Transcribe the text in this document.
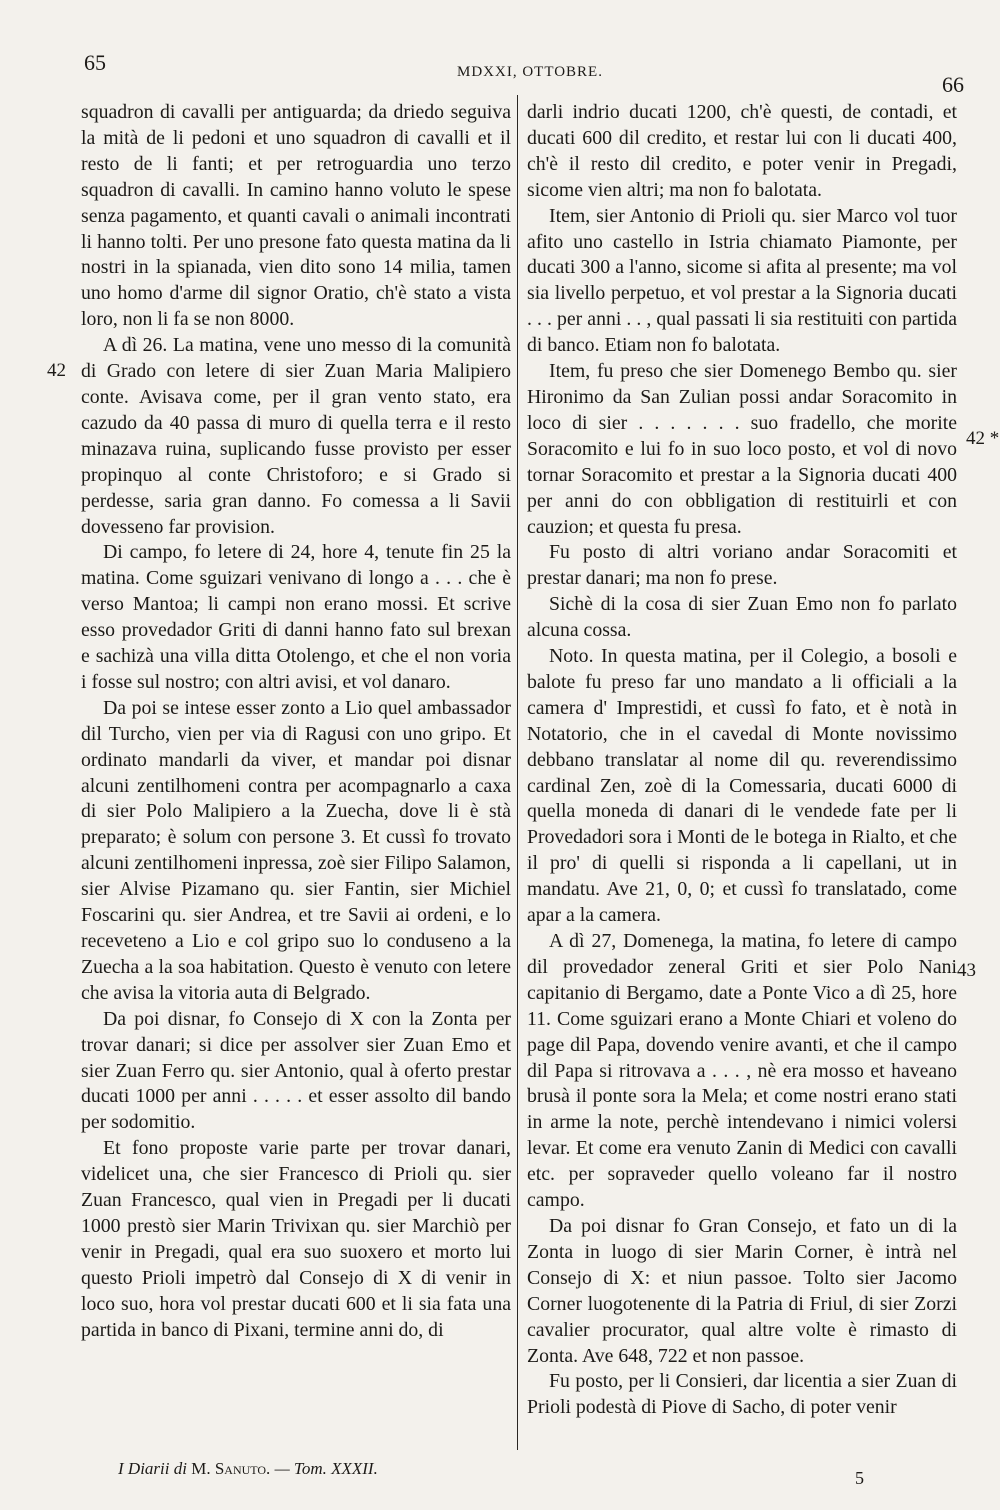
65	MDXXI, OTTOBRE.	66
42
42 *
43

squadron di cavalli per antiguarda; da driedo seguiva la mità de li pedoni et uno squadron di cavalli et il resto de li fanti; et per retroguardia uno terzo squadron di cavalli. In camino hanno voluto le spese senza pagamento, et quanti cavali o animali incontrati li hanno tolti. Per uno presone fato questa matina da li nostri in la spianada, vien dito sono 14 milia, tamen uno homo d'arme dil signor Oratio, ch'è stato a vista loro, non li fa se non 8000.

A dì 26. La matina, vene uno messo di la comunità di Grado con letere di sier Zuan Maria Malipiero conte. Avisava come, per il gran vento stato, era cazudo da 40 passa di muro di quella terra e il resto minazava ruina, suplicando fusse provisto per esser propinquo al conte Christoforo; e si Grado si perdesse, saria gran danno. Fo comessa a li Savii dovesseno far provision.

Di campo, fo letere di 24, hore 4, tenute fin 25 la matina. Come sguizari venivano di longo a . . . che è verso Mantoa; li campi non erano mossi. Et scrive esso provedador Griti di danni hanno fato sul brexan e sachizà una villa ditta Otolengo, et che el non voria i fosse sul nostro; con altri avisi, et vol danaro.

Da poi se intese esser zonto a Lio quel ambassador dil Turcho, vien per via di Ragusi con uno gripo. Et ordinato mandarli da viver, et mandar poi disnar alcuni zentilhomeni contra per acompagnarlo a caxa di sier Polo Malipiero a la Zuecha, dove li è stà preparato; è solum con persone 3. Et cussì fo trovato alcuni zentilhomeni inpressa, zoè sier Filipo Salamon, sier Alvise Pizamano qu. sier Fantin, sier Michiel Foscarini qu. sier Andrea, et tre Savii ai ordeni, e lo receveteno a Lio e col gripo suo lo conduseno a la Zuecha a la soa habitation. Questo è venuto con letere che avisa la vitoria auta di Belgrado.

Da poi disnar, fo Consejo di X con la Zonta per trovar danari; si dice per assolver sier Zuan Emo et sier Zuan Ferro qu. sier Antonio, qual à oferto prestar ducati 1000 per anni . . . . . et esser assolto dil bando per sodomitio.

Et fono proposte varie parte per trovar danari, videlicet una, che sier Francesco di Prioli qu. sier Zuan Francesco, qual vien in Pregadi per li ducati 1000 prestò sier Marin Trivixan qu. sier Marchiò per venir in Pregadi, qual era suo suoxero et morto lui questo Prioli impetrò dal Consejo di X di venir in loco suo, hora vol prestar ducati 600 et li sia fata una partida in banco di Pixani, termine anni do, di

darli indrio ducati 1200, ch'è questi, de contadi, et ducati 600 dil credito, et restar lui con li ducati 400, ch'è il resto dil credito, e poter venir in Pregadi, sicome vien altri; ma non fo balotata.

Item, sier Antonio di Prioli qu. sier Marco vol tuor afito uno castello in Istria chiamato Piamonte, per ducati 300 a l'anno, sicome si afita al presente; ma vol sia livello perpetuo, et vol prestar a la Signoria ducati . . . per anni . . , qual passati li sia restituiti con partida di banco. Etiam non fo balotata.

Item, fu preso che sier Domenego Bembo qu. sier Hironimo da San Zulian possi andar Soracomito in loco di sier . . . . . . . suo fradello, che morite Soracomito e lui fo in suo loco posto, et vol di novo tornar Soracomito et prestar a la Signoria ducati 400 per anni do con obbligation di restituirli et con cauzion; et questa fu presa.

Fu posto di altri voriano andar Soracomiti et prestar danari; ma non fo prese.

Sichè di la cosa di sier Zuan Emo non fo parlato alcuna cossa.

Noto. In questa matina, per il Colegio, a bosoli e balote fu preso far uno mandato a li officiali a la camera d' Imprestidi, et cussì fo fato, et è notà in Notatorio, che in el cavedal di Monte novissimo debbano translatar al nome dil qu. reverendissimo cardinal Zen, zoè di la Comessaria, ducati 6000 di quella moneda di danari di le vendede fate per li Provedadori sora i Monti de le botega in Rialto, et che il pro' di quelli si risponda a li capellani, ut in mandatu. Ave 21, 0, 0; et cussì fo translatado, come apar a la camera.

A dì 27, Domenega, la matina, fo letere di campo dil provedador zeneral Griti et sier Polo Nani capitanio di Bergamo, date a Ponte Vico a dì 25, hore 11. Come sguizari erano a Monte Chiari et voleno do page dil Papa, dovendo venire avanti, et che il campo dil Papa si ritrovava a . . . , nè era mosso et haveano brusà il ponte sora la Mela; et come nostri erano stati in arme la note, perchè intendevano i nimici volersi levar. Et come era venuto Zanin di Medici con cavalli etc. per sopraveder quello voleano far il nostro campo.

Da poi disnar fo Gran Consejo, et fato un di la Zonta in luogo di sier Marin Corner, è intrà nel Consejo di X: et niun passoe. Tolto sier Jacomo Corner luogotenente di la Patria di Friul, di sier Zorzi cavalier procurator, qual altre volte è rimasto di Zonta. Ave 648, 722 et non passoe.

Fu posto, per li Consieri, dar licentia a sier Zuan di Prioli podestà di Piove di Sacho, di poter venir

I Diarii di M. Sanuto. — Tom. XXXII.	5
